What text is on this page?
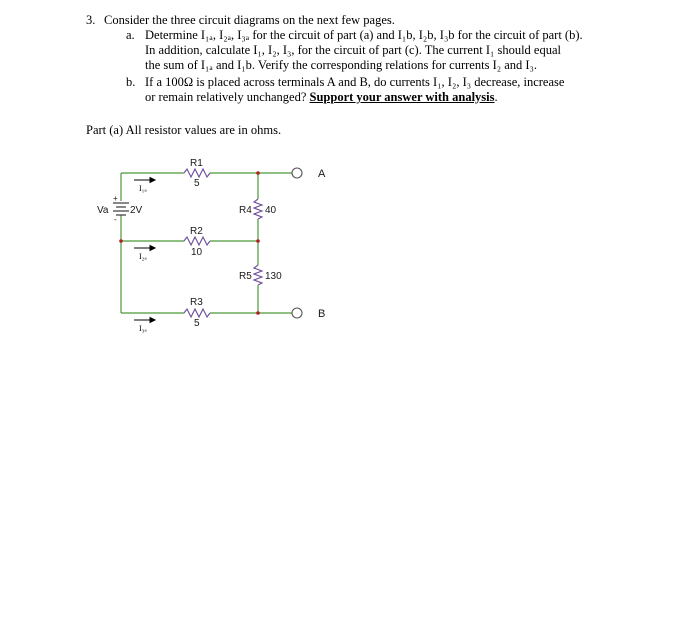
3. Consider the three circuit diagrams on the next few pages.
a. Determine I₁ₐ, I₂ₐ, I₃ₐ for the circuit of part (a) and I₁b, I₂b, I₃b for the circuit of part (b).
In addition, calculate I₁, I₂, I₃, for the circuit of part (c). The current I₁ should equal
the sum of I₁ₐ and I₁b. Verify the corresponding relations for currents I₂ and I₃.
b. If a 100Ω is placed across terminals A and B, do currents I₁, I₂, I₃ decrease, increase
or remain relatively unchanged? Support your answer with analysis.
Part (a) All resistor values are in ohms.
Va 2V
+
-
R1
5
R2
10
R3
5
R4 40
R5 130
I₁ₐ
I₂ₐ
I₃ₐ
A
B
